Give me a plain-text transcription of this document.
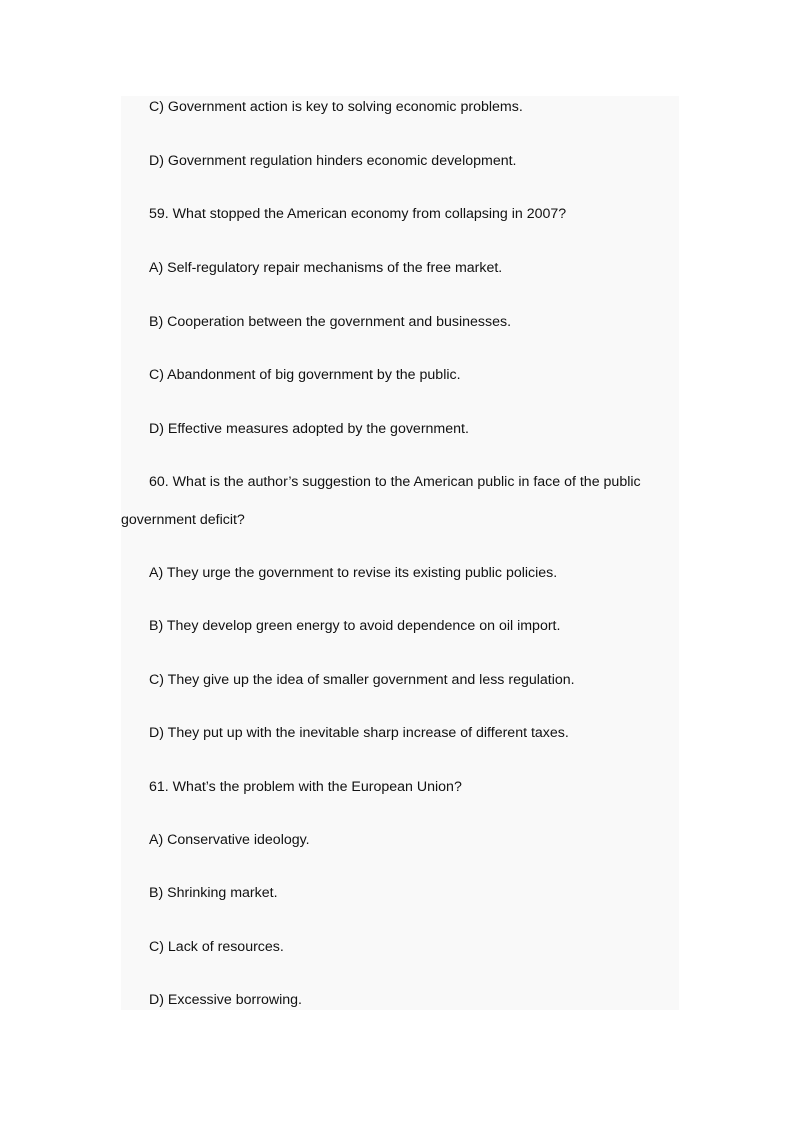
C) Government action is key to solving economic problems.

D) Government regulation hinders economic development.

59. What stopped the American economy from collapsing in 2007?

A) Self-regulatory repair mechanisms of the free market.

B) Cooperation between the government and businesses.

C) Abandonment of big government by the public.

D) Effective measures adopted by the government.

60. What is the author’s suggestion to the American public in face of the public

government deficit?

A) They urge the government to revise its existing public policies.

B) They develop green energy to avoid dependence on oil import.

C) They give up the idea of smaller government and less regulation.

D) They put up with the inevitable sharp increase of different taxes.

61. What’s the problem with the European Union?

A) Conservative ideology.

B) Shrinking market.

C) Lack of resources.

D) Excessive borrowing.
